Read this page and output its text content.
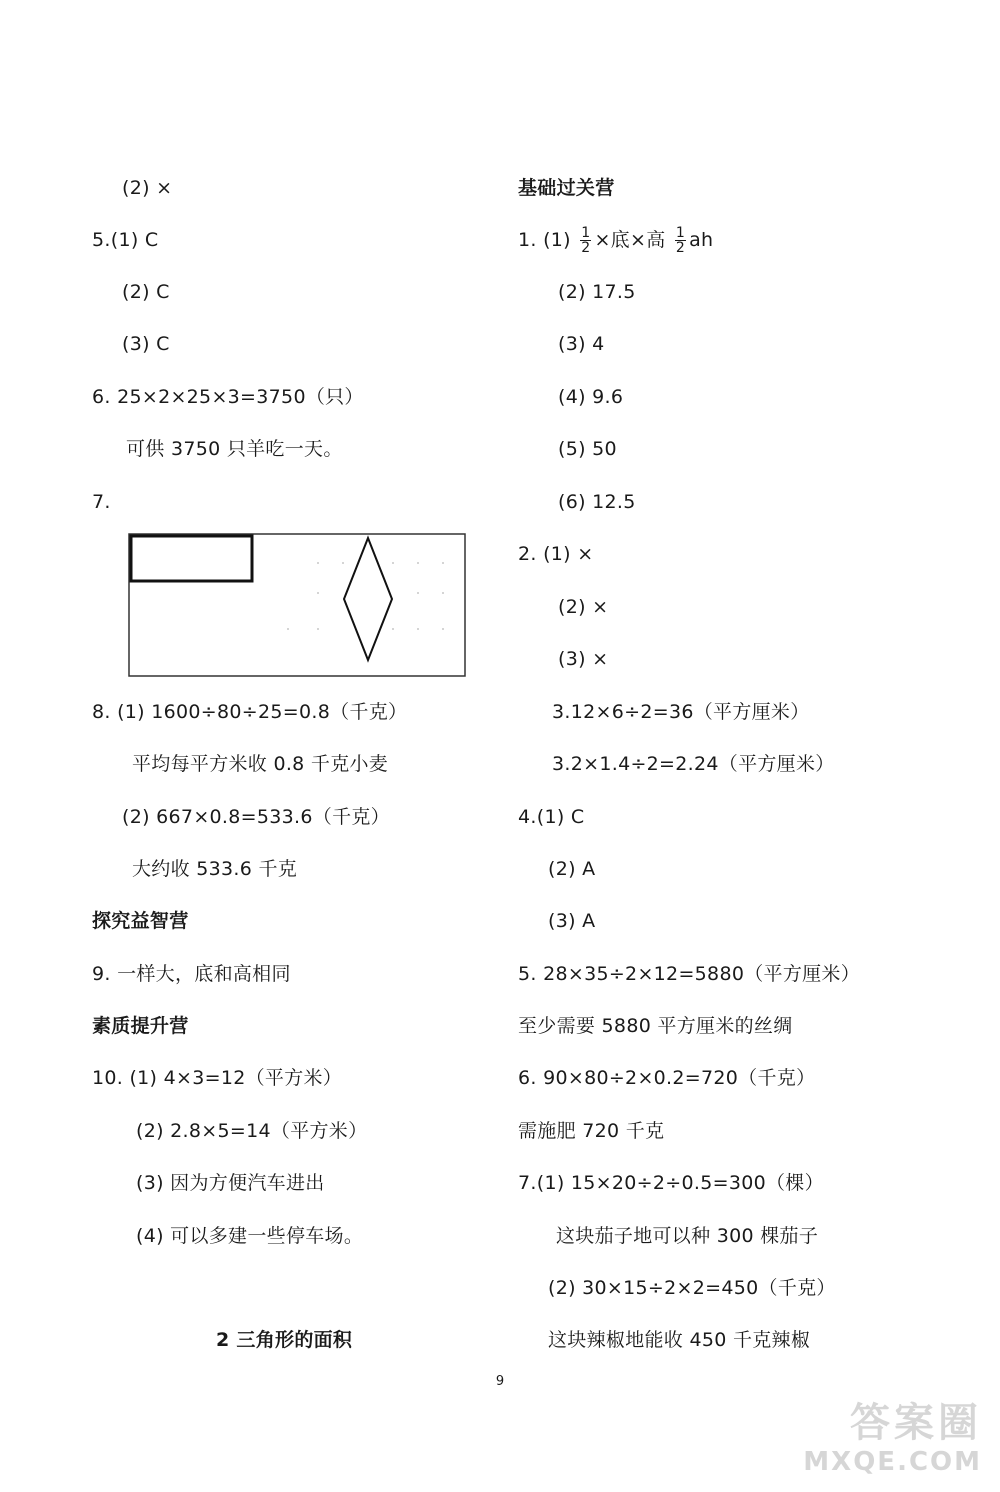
(2) ×
5.(1) C
(2) C
(3) C
6. 25×2×25×3=3750（只）
可供 3750 只羊吃一天。
7.
8. (1) 1600÷80÷25=0.8（千克）
平均每平方米收 0.8 千克小麦
(2) 667×0.8=533.6（千克）
大约收 533.6 千克
探究益智营
9. 一样大，底和高相同
素质提升营
10. (1) 4×3=12（平方米）
(2) 2.8×5=14（平方米）
(3) 因为方便汽车进出
(4) 可以多建一些停车场。
2 三角形的面积
基础过关营
1. $(1) \frac{1}{2}$ ×底×高 $\frac{1}{2}$ ah
(2) 17.5
(3) 4
(4) 9.6
(5) 50
(6) 12.5
2. (1) ×
(2) ×
(3) ×
3.12×6÷2=36（平方厘米）
3.2×1.4÷2=2.24（平方厘米）
4.(1) C
(2) A
(3) A
5. 28×35÷2×12=5880（平方厘米）
至少需要 5880 平方厘米的丝绸
6. 90×80÷2×0.2=720（千克）
需施肥 720 千克
7.(1) 15×20÷2÷0.5=300（棵）
这块茄子地可以种 300 棵茄子
(2) 30×15÷2×2=450（千克）
这块辣椒地能收 450 千克辣椒
9
答案圈
MXQE.COM
